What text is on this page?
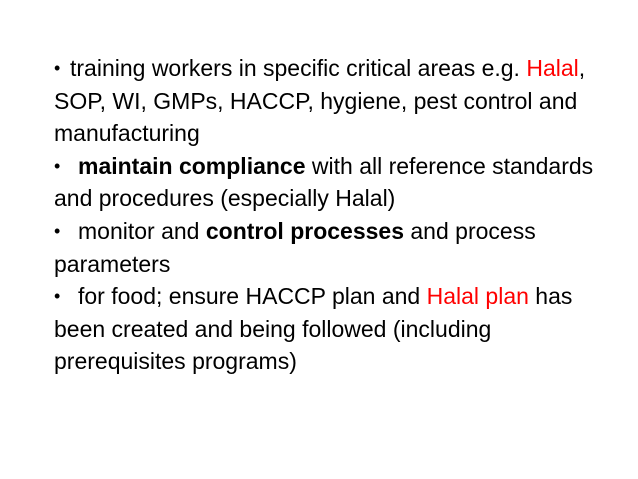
• training workers in specific critical areas e.g. Halal, SOP, WI, GMPs, HACCP, hygiene, pest control and manufacturing

• maintain compliance with all reference standards and procedures (especially Halal)

• monitor and control processes and process parameters

• for food; ensure HACCP plan and Halal plan has been created and being followed (including prerequisites programs)
